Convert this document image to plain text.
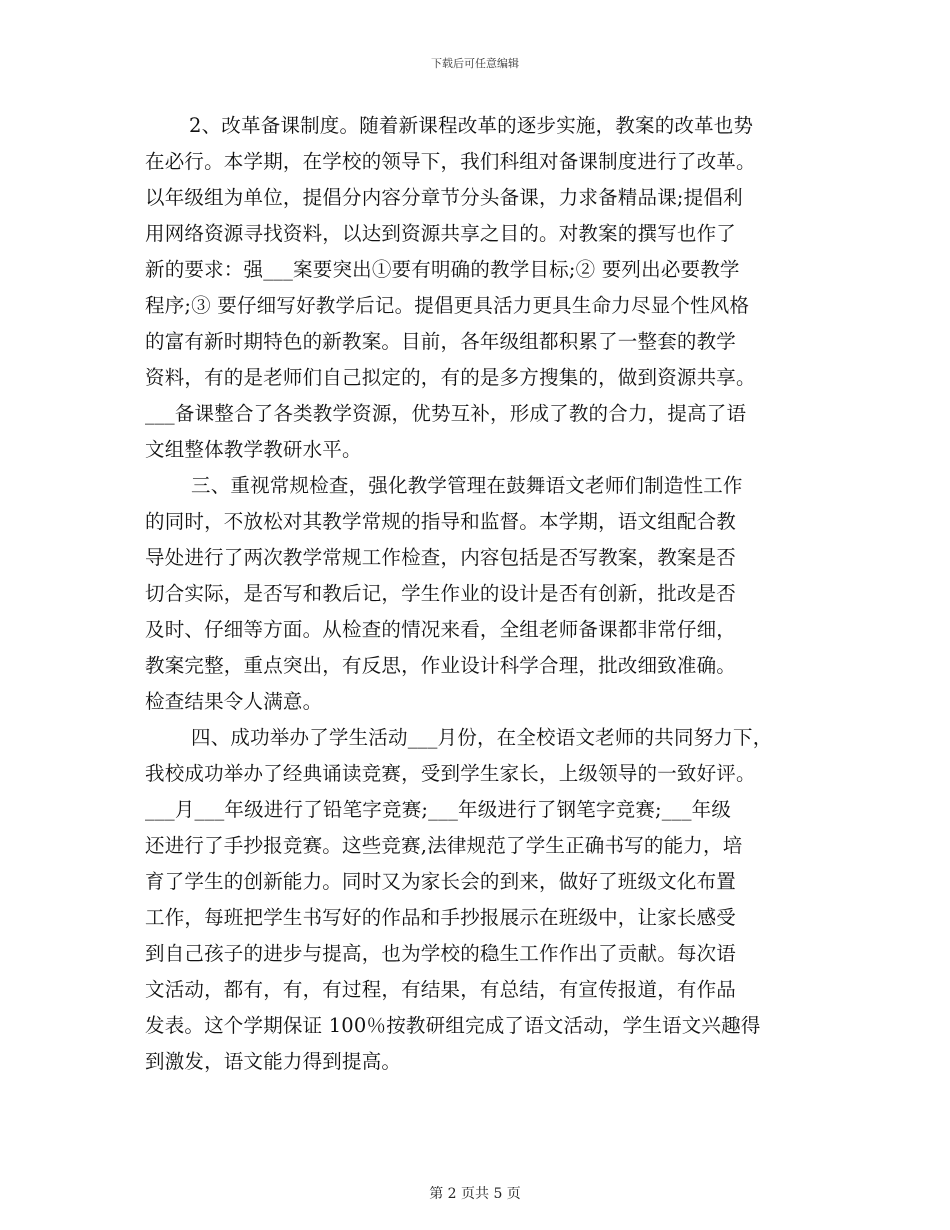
下载后可任意编辑
2、改革备课制度。随着新课程改革的逐步实施，教案的改革也势
在必行。本学期，在学校的领导下，我们科组对备课制度进行了改革。
以年级组为单位，提倡分内容分章节分头备课，力求备精品课;提倡利
用网络资源寻找资料，以达到资源共享之目的。对教案的撰写也作了
新的要求：强___案要突出①要有明确的教学目标;② 要列出必要教学
程序;③ 要仔细写好教学后记。提倡更具活力更具生命力尽显个性风格
的富有新时期特色的新教案。目前，各年级组都积累了一整套的教学
资料，有的是老师们自己拟定的，有的是多方搜集的，做到资源共享。
___备课整合了各类教学资源，优势互补，形成了教的合力，提高了语
文组整体教学教研水平。
三、重视常规检查，强化教学管理在鼓舞语文老师们制造性工作
的同时，不放松对其教学常规的指导和监督。本学期，语文组配合教
导处进行了两次教学常规工作检查，内容包括是否写教案，教案是否
切合实际，是否写和教后记，学生作业的设计是否有创新，批改是否
及时、仔细等方面。从检查的情况来看，全组老师备课都非常仔细，
教案完整，重点突出，有反思，作业设计科学合理，批改细致准确。
检查结果令人满意。
四、成功举办了学生活动___月份，在全校语文老师的共同努力下，
我校成功举办了经典诵读竞赛，受到学生家长，上级领导的一致好评。
___月___年级进行了铅笔字竞赛;___年级进行了钢笔字竞赛;___年级
还进行了手抄报竞赛。这些竞赛,法律规范了学生正确书写的能力，培
育了学生的创新能力。同时又为家长会的到来，做好了班级文化布置
工作，每班把学生书写好的作品和手抄报展示在班级中，让家长感受
到自己孩子的进步与提高，也为学校的稳生工作作出了贡献。每次语
文活动，都有，有，有过程，有结果，有总结，有宣传报道，有作品
发表。这个学期保证 100％按教研组完成了语文活动，学生语文兴趣得
到激发，语文能力得到提高。
第 2 页共 5 页
